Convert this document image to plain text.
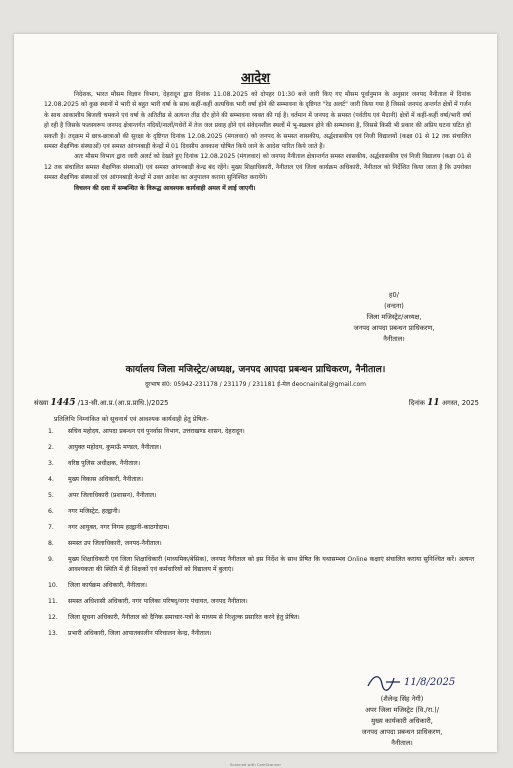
आदेश

निदेशक, भारत मौसम विज्ञान विभाग, देहरादून द्वारा दिनांक 11.08.2025 को दोपहर 01:30 बजे जारी किए गए मौसम पूर्वानुमान के अनुसार जनपद नैनीताल में दिनांक 12.08.2025 को कुछ स्थानों में भारी से बहुत भारी वर्षा के साथ कहीं-कहीं अत्यधिक भारी वर्षा होने की सम्भावना के दृष्टिगत "रेड अलर्ट" जारी किया गया है जिससे जनपद अन्तर्गत क्षेत्रों में गर्जन के साथ आकाशीय बिजली चमकने एवं वर्षा के अतितीव्र से अत्यन्त तीव्र दौर होने की सम्भावना व्यक्त की गई है। वर्तमान में जनपद के समस्त (पर्वतीय एवं मैदानी) क्षेत्रों में कहीं-कहीं वर्षा/भारी वर्षा हो रही है जिसके फलस्वरूप जनपद क्षेत्रान्तर्गत नदियों/नालों/गधेरों में तेज जल प्रवाह होने एवं संवेदनशील स्थलों में भू-स्खलन होने की सम्भावना है, जिससे किसी भी प्रकार की अप्रिय घटना घटित हो सकती है। तद्क्रम में छात्र-छात्राओं की सुरक्षा के दृष्टिगत दिनांक 12.08.2025 (मंगलवार) को जनपद के समस्त शासकीय, अर्द्धशासकीय एवं निजी विद्यालयों (कक्षा 01 से 12 तक संचालित समस्त शैक्षणिक संस्थाओं) एवं समस्त आंगनबाड़ी केन्द्रों में 01 दिवसीय अवकाश घोषित किये जाने के आदेश पारित किये जाते हैं।

अतः मौसम विभाग द्वारा जारी अलर्ट को देखते हुए दिनांक 12.08.2025 (मंगलवार) को जनपद नैनीताल क्षेत्रान्तर्गत समस्त शासकीय, अर्द्धशासकीय एवं निजी विद्यालय (कक्षा 01 से 12 तक संचालित समस्त शैक्षणिक संस्थाओं) एवं समस्त आंगनबाड़ी केन्द्र बंद रहेंगे। मुख्य शिक्षाधिकारी, नैनीताल एवं जिला कार्यक्रम अधिकारी, नैनीताल को निर्देशित किया जाता है कि उपरोक्त समस्त शैक्षणिक संस्थाओं एवं आंगनबाड़ी केन्द्रों में उक्त आदेश का अनुपालन कराना सुनिश्चित करायेंगे।

विचलन की दशा में सम्बन्धित के विरूद्ध आवश्यक कार्यवाही अमल में लाई जाएगी।

ह0/
(वन्दना)
जिला मजिस्ट्रेट/अध्यक्ष,
जनपद आपदा प्रबन्धन प्राधिकरण,
नैनीताल।
कार्यालय जिला मजिस्ट्रेट/अध्यक्ष, जनपद आपदा प्रबन्धन प्राधिकरण, नैनीताल।
दूरभाष सं0: 05942-231178 / 231179 / 231181 ई-मेल deocnainital@gmail.com
संख्या 1445 /13-सी.आ.प्र.(आ.प्र.प्राधि.)/2025	दिनांक 11 अगस्त, 2025
प्रतिलिपिः निम्नांकित को सूचनार्थ एवं आवश्यक कार्यवाही हेतु प्रेषितः-
1. सचिव महोदय, आपदा प्रबन्धन एवं पुनर्वास विभाग, उत्तराखण्ड शासन, देहरादून।
2. आयुक्त महोदय, कुमाऊँ मण्डल, नैनीताल।
3. वरिष्ठ पुलिस अधीक्षक, नैनीताल।
4. मुख्य विकास अधिकारी, नैनीताल।
5. अपर जिलाधिकारी (प्रशासन), नैनीताल।
6. नगर मजिस्ट्रेट, हल्द्वानी।
7. नगर आयुक्त, नगर निगम हल्द्वानी-काठगोदाम।
8. समस्त उप जिलाधिकारी, जनपद-नैनीताल।
9. मुख्य शिक्षाधिकारी एवं जिला शिक्षाधिकारी (माध्यमिक/बेसिक), जनपद नैनीताल को इस निर्देश के साथ प्रेषित कि यथासम्भव Online कक्षाएं संचालित कराया सुनिश्चित करें। अत्यन्त आवश्यकता की स्थिति में ही शिक्षकों एवं कर्मचारियों को विद्यालय में बुलाएं।
10. जिला कार्यक्रम अधिकारी, नैनीताल।
11. समस्त अधिशासी अधिकारी, नगर पालिका परिषद्/नगर पंचायत, जनपद नैनीताल।
12. जिला सूचना अधिकारी, नैनीताल को दैनिक समाचार-पत्रों के माध्यम से निःशुल्क प्रसारित करने हेतु प्रेषित।
13. प्रभारी अधिकारी, जिला आपातकालीन परिचालन केन्द्र, नैनीताल।
11/8/2025
(शैलेन्द्र सिंह नेगी)
अपर जिला मजिस्ट्रेट (वि./रा.)/
मुख्य कार्यकारी अधिकारी,
जनपद आपदा प्रबन्धन प्राधिकरण,
नैनीताल।
Scanned with CamScanner
